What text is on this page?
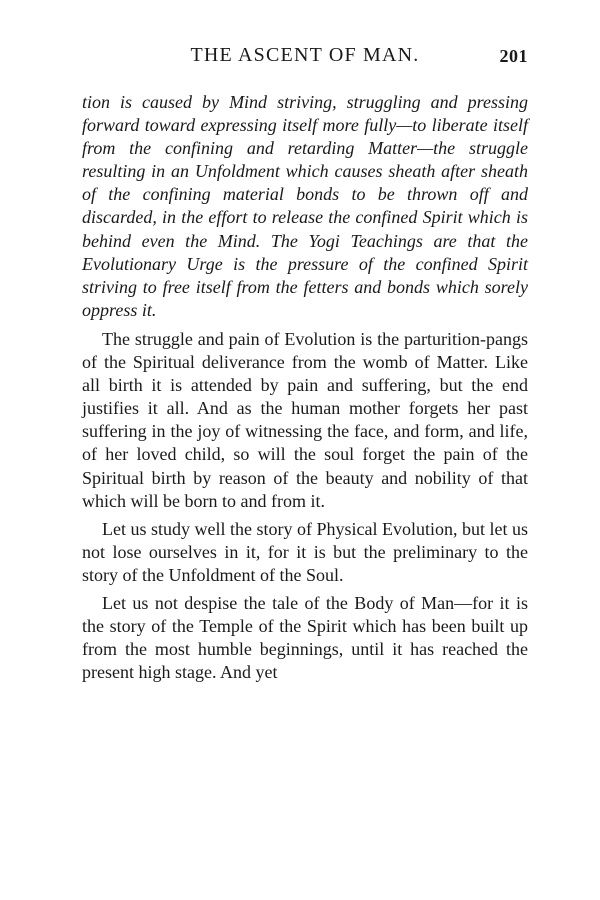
THE ASCENT OF MAN.	201

tion is caused by Mind striving, struggling and pressing forward toward expressing itself more fully—to liberate itself from the confining and retarding Matter—the struggle resulting in an Unfoldment which causes sheath after sheath of the confining material bonds to be thrown off and discarded, in the effort to release the confined Spirit which is behind even the Mind. The Yogi Teachings are that the Evolutionary Urge is the pressure of the confined Spirit striving to free itself from the fetters and bonds which sorely oppress it.

The struggle and pain of Evolution is the parturition-pangs of the Spiritual deliverance from the womb of Matter. Like all birth it is attended by pain and suffering, but the end justifies it all. And as the human mother forgets her past suffering in the joy of witnessing the face, and form, and life, of her loved child, so will the soul forget the pain of the Spiritual birth by reason of the beauty and nobility of that which will be born to and from it.

Let us study well the story of Physical Evolution, but let us not lose ourselves in it, for it is but the preliminary to the story of the Unfoldment of the Soul.

Let us not despise the tale of the Body of Man—for it is the story of the Temple of the Spirit which has been built up from the most humble beginnings, until it has reached the present high stage. And yet
